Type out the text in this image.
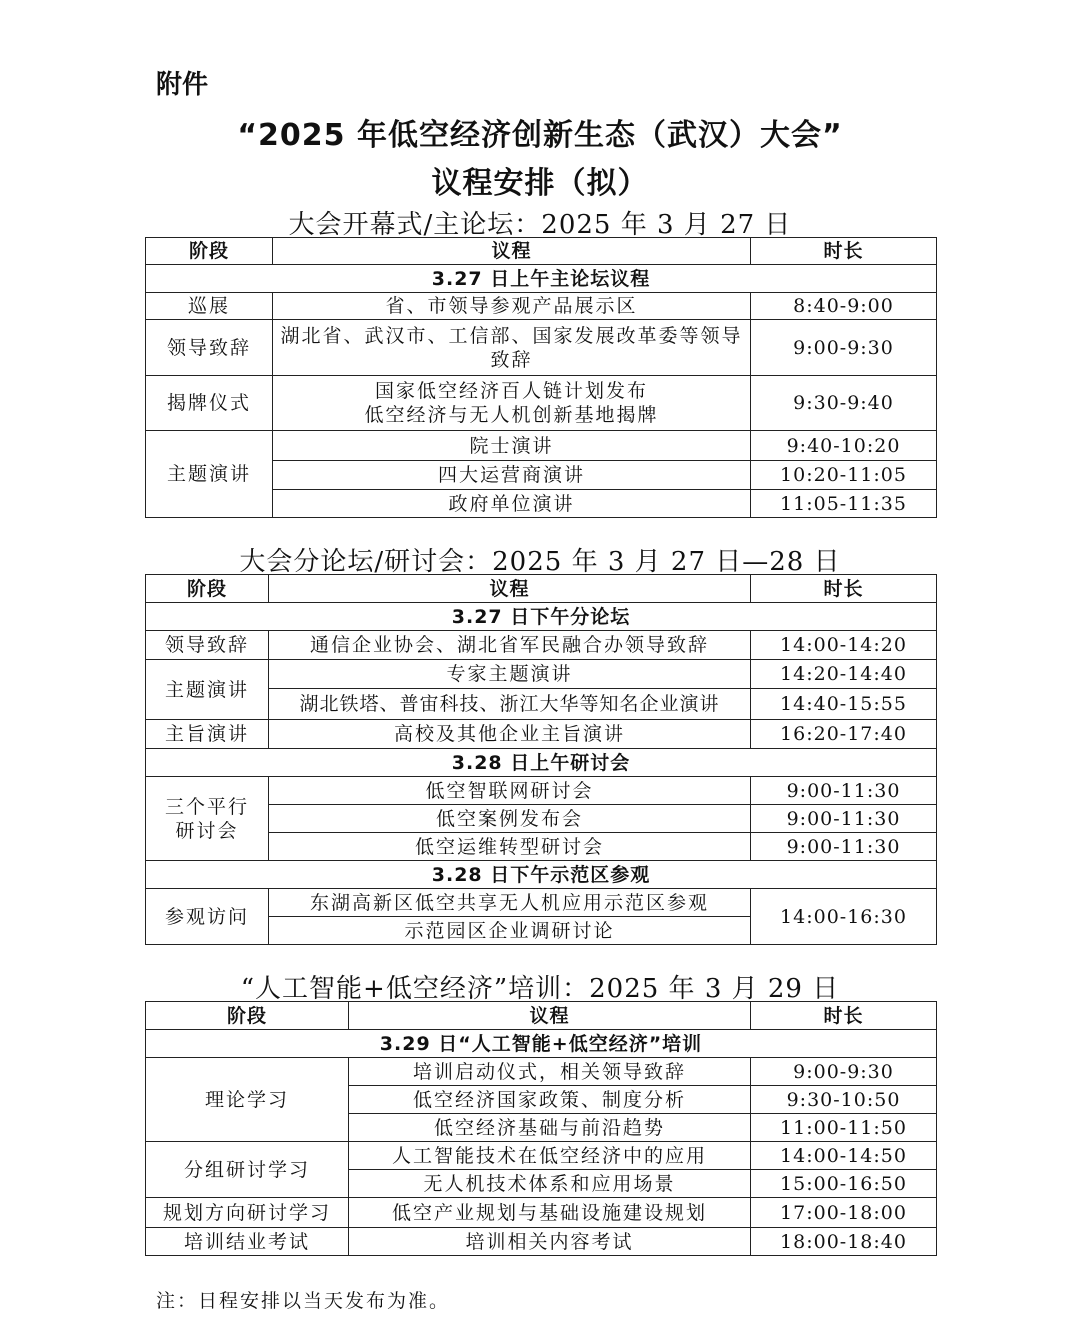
附件
“2025 年低空经济创新生态（武汉）大会”
议程安排（拟）
大会开幕式/主论坛：2025 年 3 月 27 日
阶段	议程	时长
3.27 日上午主论坛议程		
巡展	省、市领导参观产品展示区	8:40-9:00
领导致辞	湖北省、武汉市、工信部、国家发展改革委等领导致辞	9:00-9:30
揭牌仪式	国家低空经济百人链计划发布
低空经济与无人机创新基地揭牌	9:30-9:40
主题演讲	院士演讲	9:40-10:20
	四大运营商演讲	10:20-11:05
	政府单位演讲	11:05-11:35
大会分论坛/研讨会：2025 年 3 月 27 日—28 日
阶段	议程	时长
3.27 日下午分论坛		
领导致辞	通信企业协会、湖北省军民融合办领导致辞	14:00-14:20
主题演讲	专家主题演讲	14:20-14:40
	湖北铁塔、普宙科技、浙江大华等知名企业演讲	14:40-15:55
主旨演讲	高校及其他企业主旨演讲	16:20-17:40
3.28 日上午研讨会		

三个平行
研讨会	低空智联网研讨会	9:00-11:30
	低空案例发布会	9:00-11:30
	低空运维转型研讨会	9:00-11:30
3.28 日下午示范区参观		
参观访问	东湖高新区低空共享无人机应用示范区参观	14:00-16:30
	示范园区企业调研讨论	
“人工智能+低空经济”培训：2025 年 3 月 29 日
阶段	议程	时长
3.29 日“人工智能+低空经济”培训		
理论学习	培训启动仪式，相关领导致辞	9:00-9:30
	低空经济国家政策、制度分析	9:30-10:50
	低空经济基础与前沿趋势	11:00-11:50
分组研讨学习	人工智能技术在低空经济中的应用	14:00-14:50
	无人机技术体系和应用场景	15:00-16:50
规划方向研讨学习	低空产业规划与基础设施建设规划	17:00-18:00
培训结业考试	培训相关内容考试	18:00-18:40
注：日程安排以当天发布为准。
